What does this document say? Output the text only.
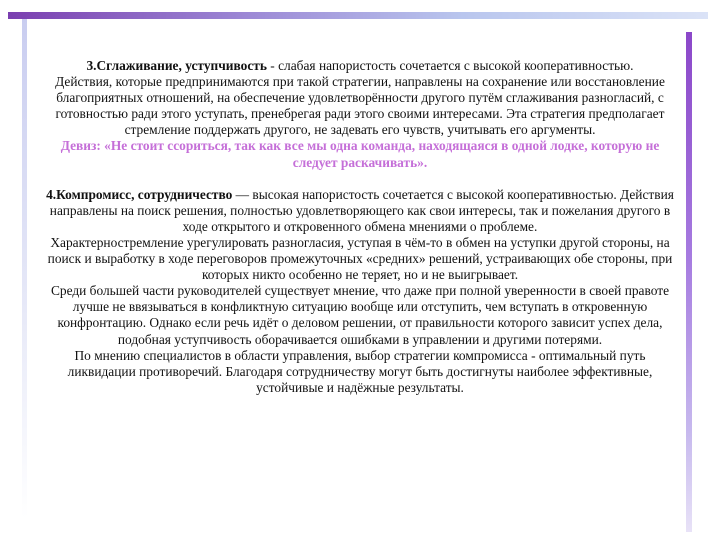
3.Сглаживание, уступчивость - слабая напористость сочетается с высокой кооперативностью.

Действия, которые предпринимаются при такой стратегии, направлены на сохранение или восстановление благоприятных отношений, на обеспечение удовлетворённости другого путём сглаживания разногласий, с готовностью ради этого уступать, пренебрегая ради этого своими интересами. Эта стратегия предполагает стремление поддержать другого, не задевать его чувств, учитывать его аргументы.

Девиз: «Не стоит ссориться, так как все мы одна команда, находящаяся в одной лодке, которую не следует раскачивать».

4.Компромисс, сотрудничество — высокая напористость сочетается с высокой кооперативностью. Действия направлены на поиск решения, полностью удовлетворяющего как свои интересы, так и пожелания другого в ходе открытого и откровенного обмена мнениями о проблеме.

Характерностремление урегулировать разногласия, уступая в чём-то в обмен на уступки другой стороны, на поиск и выработку в ходе переговоров промежуточных «средних» решений, устраивающих обе стороны, при которых никто особенно не теряет, но и не выигрывает.

Среди большей части руководителей существует мнение, что даже при полной уверенности в своей правоте лучше не ввязываться в конфликтную ситуацию вообще или отступить, чем вступать в откровенную конфронтацию. Однако если речь идёт о деловом решении, от правильности которого зависит успех дела, подобная уступчивость оборачивается ошибками в управлении и другими потерями.

По мнению специалистов в области управления, выбор стратегии компромисса - оптимальный путь ликвидации противоречий. Благодаря сотрудничеству могут быть достигнуты наиболее эффективные, устойчивые и надёжные результаты.
